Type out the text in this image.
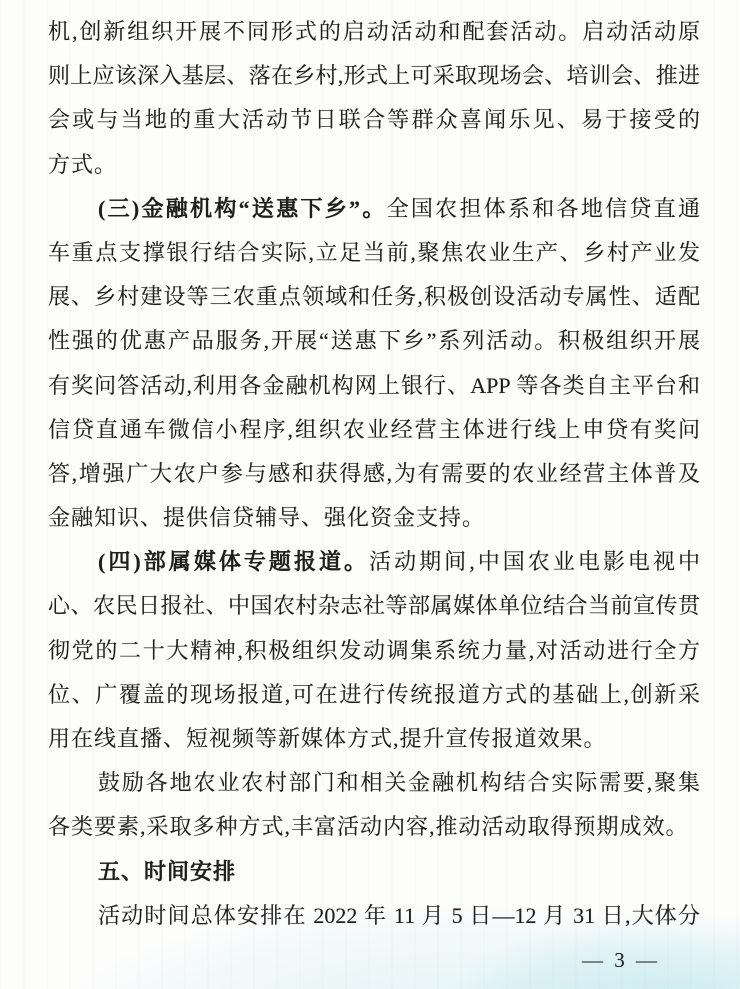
机,创新组织开展不同形式的启动活动和配套活动。启动活动原
则上应该深入基层、落在乡村,形式上可采取现场会、培训会、推进
会或与当地的重大活动节日联合等群众喜闻乐见、易于接受的
方式。
(三)金融机构“送惠下乡”。全国农担体系和各地信贷直通
车重点支撑银行结合实际,立足当前,聚焦农业生产、乡村产业发
展、乡村建设等三农重点领域和任务,积极创设活动专属性、适配
性强的优惠产品服务,开展“送惠下乡”系列活动。积极组织开展
有奖问答活动,利用各金融机构网上银行、APP 等各类自主平台和
信贷直通车微信小程序,组织农业经营主体进行线上申贷有奖问
答,增强广大农户参与感和获得感,为有需要的农业经营主体普及
金融知识、提供信贷辅导、强化资金支持。
(四)部属媒体专题报道。活动期间,中国农业电影电视中
心、农民日报社、中国农村杂志社等部属媒体单位结合当前宣传贯
彻党的二十大精神,积极组织发动调集系统力量,对活动进行全方
位、广覆盖的现场报道,可在进行传统报道方式的基础上,创新采
用在线直播、短视频等新媒体方式,提升宣传报道效果。
鼓励各地农业农村部门和相关金融机构结合实际需要,聚集
各类要素,采取多种方式,丰富活动内容,推动活动取得预期成效。
五、时间安排
活动时间总体安排在 2022 年 11 月 5 日—12 月 31 日,大体分
— 3 —
